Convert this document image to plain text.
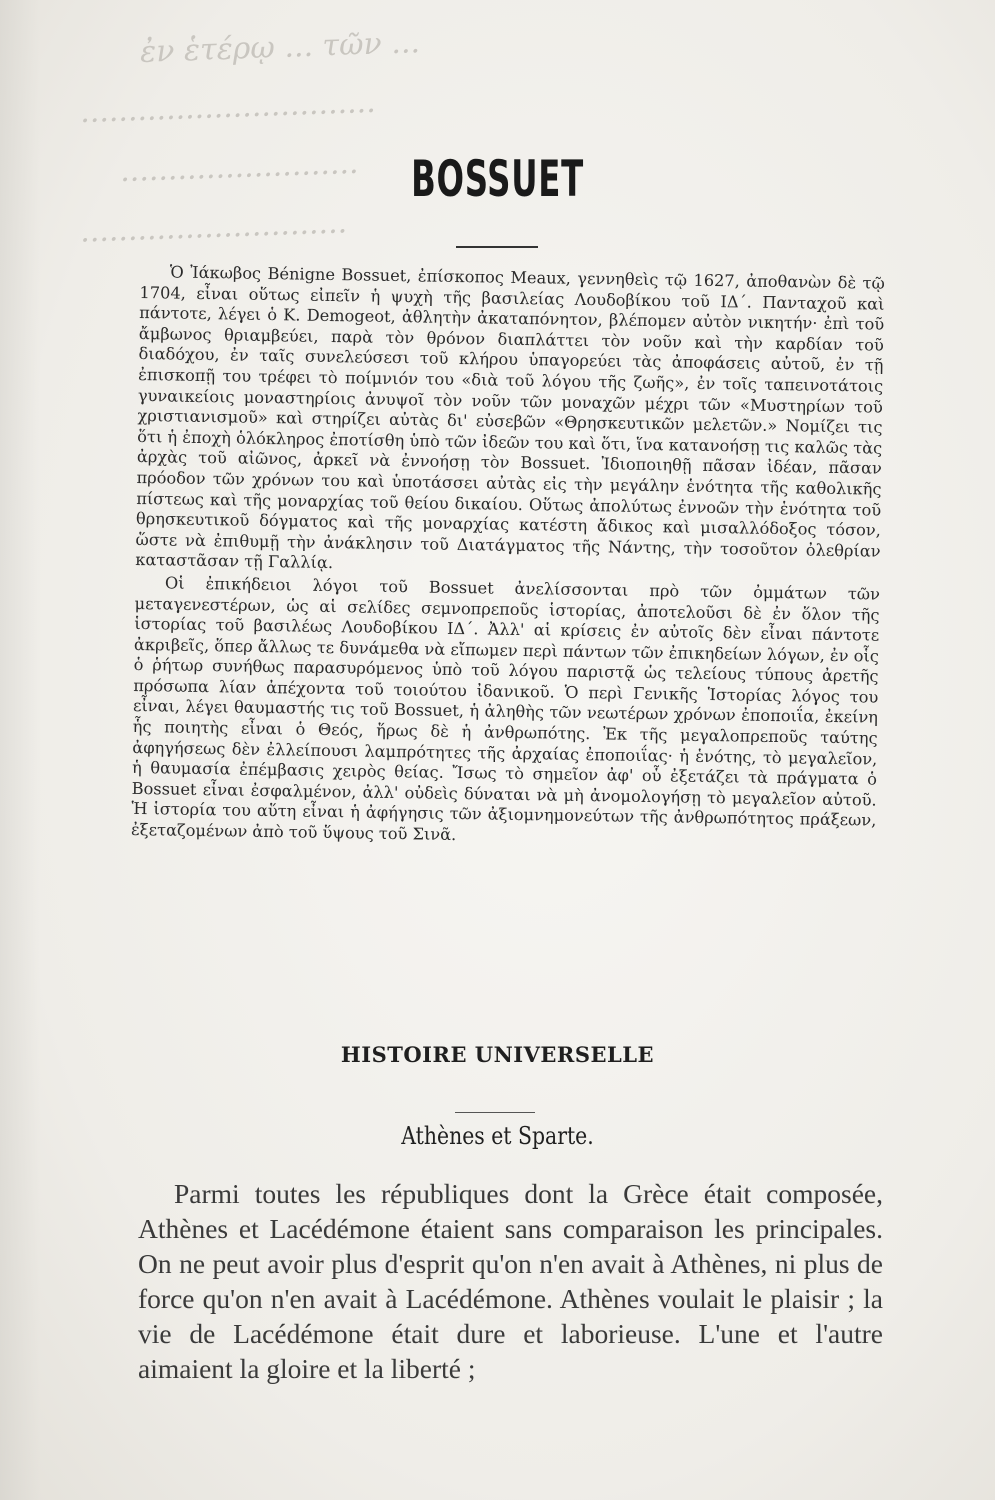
ἐν ἑτέρῳ ... τῶν ...
...............................
.........................
............................
BOSSUET

Ὁ Ἰάκωβος Bénigne Bossuet, ἐπίσκοπος Meaux, γεννηθεὶς τῷ 1627, ἀποθανὼν δὲ τῷ 1704, εἶναι οὕτως εἰπεῖν ἡ ψυχὴ τῆς βασιλείας Λουδοβίκου τοῦ ΙΔ΄. Πανταχοῦ καὶ πάντοτε, λέγει ὁ Κ. Demogeot, ἀθλητὴν ἀκαταπόνητον, βλέπομεν αὐτὸν νικητήν· ἐπὶ τοῦ ἄμβωνος θριαμβεύει, παρὰ τὸν θρόνον διαπλάττει τὸν νοῦν καὶ τὴν καρδίαν τοῦ διαδόχου, ἐν ταῖς συνελεύσεσι τοῦ κλήρου ὑπαγορεύει τὰς ἀποφάσεις αὐτοῦ, ἐν τῇ ἐπισκοπῇ του τρέφει τὸ ποίμνιόν του «διὰ τοῦ λόγου τῆς ζωῆς», ἐν τοῖς ταπεινοτάτοις γυναικείοις μοναστηρίοις ἀνυψοῖ τὸν νοῦν τῶν μοναχῶν μέχρι τῶν «Μυστηρίων τοῦ χριστιανισμοῦ» καὶ στηρίζει αὐτὰς δι' εὐσεβῶν «Θρησκευτικῶν μελετῶν.» Νομίζει τις ὅτι ἡ ἐποχὴ ὁλόκληρος ἐποτίσθη ὑπὸ τῶν ἰδεῶν του καὶ ὅτι, ἵνα κατανοήσῃ τις καλῶς τὰς ἀρχὰς τοῦ αἰῶνος, ἀρκεῖ νὰ ἐννοήσῃ τὸν Bossuet. Ἰδιοποιηθῇ πᾶσαν ἰδέαν, πᾶσαν πρόοδον τῶν χρόνων του καὶ ὑποτάσσει αὐτὰς εἰς τὴν μεγάλην ἑνότητα τῆς καθολικῆς πίστεως καὶ τῆς μοναρχίας τοῦ θείου δικαίου. Οὕτως ἀπολύτως ἐννοῶν τὴν ἑνότητα τοῦ θρησκευτικοῦ δόγματος καὶ τῆς μοναρχίας κατέστη ἄδικος καὶ μισαλλόδοξος τόσον, ὥστε νὰ ἐπιθυμῇ τὴν ἀνάκλησιν τοῦ Διατάγματος τῆς Νάντης, τὴν τοσοῦτον ὀλεθρίαν καταστᾶσαν τῇ Γαλλίᾳ.

Οἱ ἐπικήδειοι λόγοι τοῦ Bossuet ἀνελίσσονται πρὸ τῶν ὀμμάτων τῶν μεταγενεστέρων, ὡς αἱ σελίδες σεμνοπρεποῦς ἱστορίας, ἀποτελοῦσι δὲ ἐν ὅλον τῆς ἱστορίας τοῦ βασιλέως Λουδοβίκου ΙΔ΄. Ἀλλ' αἱ κρίσεις ἐν αὐτοῖς δὲν εἶναι πάντοτε ἀκριβεῖς, ὅπερ ἄλλως τε δυνάμεθα νὰ εἴπωμεν περὶ πάντων τῶν ἐπικηδείων λόγων, ἐν οἷς ὁ ῥήτωρ συνήθως παρασυρόμενος ὑπὸ τοῦ λόγου παριστᾷ ὡς τελείους τύπους ἀρετῆς πρόσωπα λίαν ἀπέχοντα τοῦ τοιούτου ἰδανικοῦ. Ὁ περὶ Γενικῆς Ἱστορίας λόγος του εἶναι, λέγει θαυμαστής τις τοῦ Bossuet, ἡ ἀληθὴς τῶν νεωτέρων χρόνων ἐποποιΐα, ἐκείνη ἧς ποιητὴς εἶναι ὁ Θεός, ἥρως δὲ ἡ ἀνθρωπότης. Ἐκ τῆς μεγαλοπρεποῦς ταύτης ἀφηγήσεως δὲν ἐλλείπουσι λαμπρότητες τῆς ἀρχαίας ἐποποιΐας· ἡ ἑνότης, τὸ μεγαλεῖον, ἡ θαυμασία ἐπέμβασις χειρὸς θείας. Ἴσως τὸ σημεῖον ἀφ' οὗ ἐξετάζει τὰ πράγματα ὁ Bossuet εἶναι ἐσφαλμένον, ἀλλ' οὐδεὶς δύναται νὰ μὴ ἀνομολογήσῃ τὸ μεγαλεῖον αὐτοῦ. Ἡ ἱστορία του αὕτη εἶναι ἡ ἀφήγησις τῶν ἀξιομνημονεύτων τῆς ἀνθρωπότητος πράξεων, ἐξεταζομένων ἀπὸ τοῦ ὕψους τοῦ Σινᾶ.

HISTOIRE UNIVERSELLE
Athènes et Sparte.

Parmi toutes les républiques dont la Grèce était composée, Athènes et Lacédémone étaient sans comparaison les principales. On ne peut avoir plus d'esprit qu'on n'en avait à Athènes, ni plus de force qu'on n'en avait à Lacédémone. Athènes voulait le plaisir ; la vie de Lacédémone était dure et laborieuse. L'une et l'autre aimaient la gloire et la liberté ;
